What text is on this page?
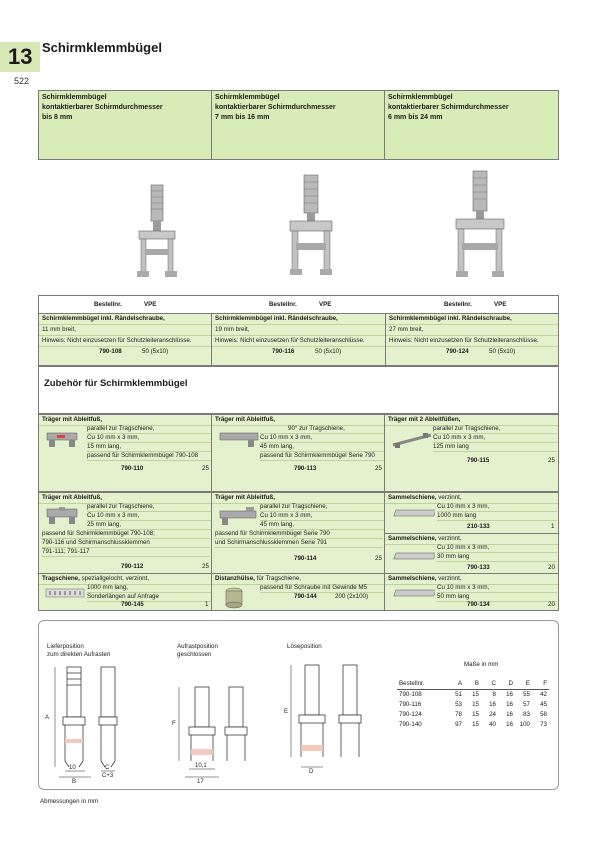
13
522
Schirmklemmbügel
Schirmklemmbügel
kontaktierbarer Schirmdurchmesser
bis 8 mm
Schirmklemmbügel
kontaktierbarer Schirmdurchmesser
7 mm bis 16 mm
Schirmklemmbügel
kontaktierbarer Schirmdurchmesser
6 mm bis 24 mm
Bestellnr.	VPE	Bestellnr.	VPE	Bestellnr.	VPE
Schirmklemmbügel inkl. Rändelschraube,
11 mm breit,
Hinweis: Nicht einzusetzen für Schutzleiteranschlüsse.
790-108	50 (5x10)
Schirmklemmbügel inkl. Rändelschraube,
19 mm breit,
Hinweis: Nicht einzusetzen für Schutzleiteranschlüsse.
790-116	50 (5x10)
Schirmklemmbügel inkl. Rändelschraube,
27 mm breit,
Hinweis: Nicht einzusetzen für Schutzleiteranschlüsse.
790-124	50 (5x10)
Zubehör für Schirmklemmbügel
Träger mit Ableitfuß,
parallel zur Tragschiene,
Cu 10 mm x 3 mm,
15 mm lang,
passend für Schirmklemmbügel 790-108
790-110	25
Träger mit Ableitfuß,
90° zur Tragschiene,
Cu 10 mm x 3 mm,
45 mm lang,
passend für Schirmklemmbügel Serie 790
790-113	25
Träger mit 2 Ableitfüßen,
parallel zur Tragschiene,
Cu 10 mm x 3 mm,
125 mm lang
790-115	25
Träger mit Ableitfuß,
parallel zur Tragschiene,
Cu 10 mm x 3 mm,
25 mm lang,
passend für Schirmklemmbügel 790-108;
790-116 und Schirmanschlussklemmen
791-111; 791-117
790-112	25
Träger mit Ableitfuß,
parallel zur Tragschiene,
Cu 10 mm x 3 mm,
45 mm lang,
passend für Schirmklemmbügel Serie 790
und Schirmanschlussklemmen Serie 791
790-114	25
Sammelschiene, verzinnt,
Cu 10 mm x 3 mm,
1000 mm lang
210-133	1
Sammelschiene, verzinnt,
Cu 10 mm x 3 mm,
30 mm lang
790-133	20
Tragschiene, speziallgelocht, verzinnt,
1000 mm lang,
Sonderlängen auf Anfrage
790-145	1
Distanzhülse, für Tragschiene,
passend für Schraube mit Gewinde M5
790-144	200 (2x100)
Sammelschiene, verzinnt,
Cu 10 mm x 3 mm,
50 mm lang
790-134	20
Lieferposition
zum direkten Aufrasten
Aufrastposition
geschlossen
Löseposition
A
10
B
C
C+3
F
10,1
17
E
D
Maße in mm
Bestellnr.	A	B	C	D	E	F
790-108	51	15	8	16	55	42
790-116	53	15	16	16	57	45
790-124	78	15	24	16	83	58
790-140	97	15	40	16	100	73
Abmessungen in mm
